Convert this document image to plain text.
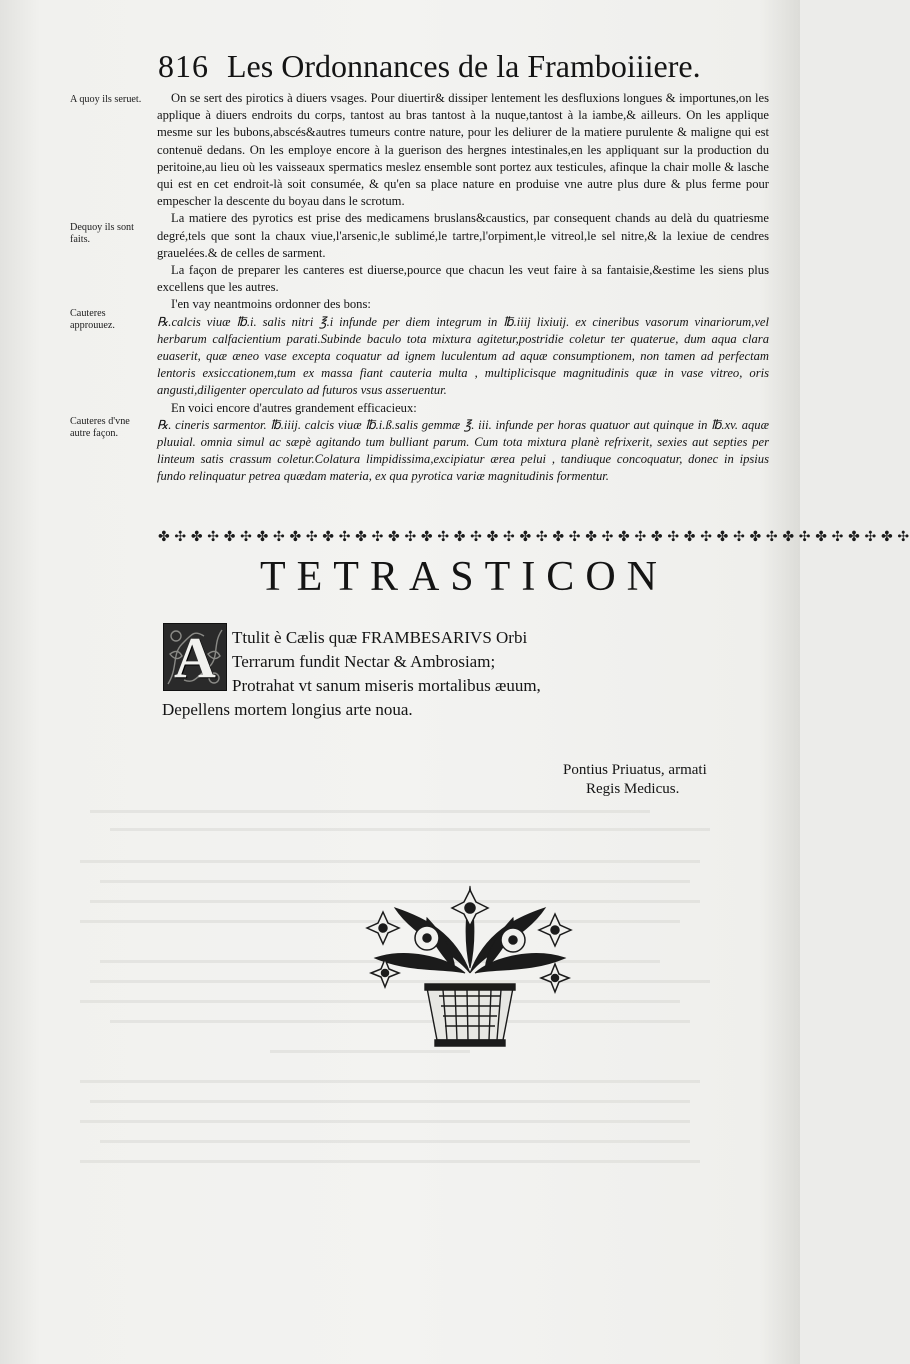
816 Les Ordonnances de la Framboiiiere.
A quoy ils seruet.
Dequoy ils sont faits.
Cauteres approuuez.
Cauteres d'vne autre façon.

On se sert des pirotics à diuers vsages. Pour diuertir& dissiper lentement les desfluxions longues & importunes,on les applique à diuers endroits du corps, tantost au bras tantost à la nuque,tantost à la iambe,& ailleurs. On les applique mesme sur les bubons,abscés&autres tumeurs contre nature, pour les deliurer de la matiere purulente & maligne qui est contenuë dedans. On les employe encore à la guerison des hergnes intestinales,en les appliquant sur la production du peritoine,au lieu où les vaisseaux spermatics meslez ensemble sont portez aux testicules, afinque la chair molle & lasche qui est en cet endroit-là soit consumée, & qu'en sa place nature en produise vne autre plus dure & plus ferme pour empescher la descente du boyau dans le scrotum.

La matiere des pyrotics est prise des medicamens bruslans&caustics, par consequent chands au delà du quatriesme degré,tels que sont la chaux viue,l'arsenic,le sublimé,le tartre,l'orpiment,le vitreol,le sel nitre,& la lexiue de cendres grauelées.& de celles de sarment.

La façon de preparer les canteres est diuerse,pource que chacun les veut faire à sa fantaisie,&estime les siens plus excellens que les autres.

I'en vay neantmoins ordonner des bons:

℞.calcis viuæ ℔.i. salis nitri ℥.i infunde per diem integrum in ℔.iiij lixiuij. ex cineribus vasorum vinariorum,vel herbarum calfacientium parati.Subinde baculo tota mixtura agitetur,postridie coletur ter quaterue, dum aqua clara euaserit, quæ æneo vase excepta coquatur ad ignem luculentum ad aquæ consumptionem, non tamen ad perfectam lentoris exsiccationem,tum ex massa fiant cauteria multa , multiplicisque magnitudinis quæ in vase vitreo, oris angusti,diligenter operculato ad futuros vsus asseruentur.

En voici encore d'autres grandement efficacieux:

℞. cineris sarmentor. ℔.iiij. calcis viuæ ℔.i.ß.salis gemmæ ℥. iii. infunde per horas quatuor aut quinque in ℔.xv. aquæ pluuial. omnia simul ac sæpè agitando tum bulliant parum. Cum tota mixtura planè refrixerit, sexies aut septies per linteum satis crassum coletur.Colatura limpidissima,excipiatur ærea pelui , tandiuque concoquatur, donec in ipsius fundo relinquatur petrea quædam materia, ex qua pyrotica variæ magnitudinis formentur.

✤ ✣ ✤ ✣ ✤ ✣ ✤ ✣ ✤ ✣ ✤ ✣ ✤ ✣ ✤ ✣ ✤ ✣ ✤ ✣ ✤ ✣ ✤ ✣ ✤ ✣ ✤ ✣ ✤ ✣ ✤ ✣ ✤ ✣ ✤ ✣ ✤ ✣ ✤ ✣ ✤ ✣ ✤ ✣ ✤ ✣
TETRASTICON
A Ttulit è Cælis quæ FRAMBESARIVS Orbi
Terrarum fundit Nectar & Ambrosiam;
Protrahat vt sanum miseris mortalibus æuum,
Depellens mortem longius arte noua.
Pontius Priuatus, armati
Regis Medicus.
